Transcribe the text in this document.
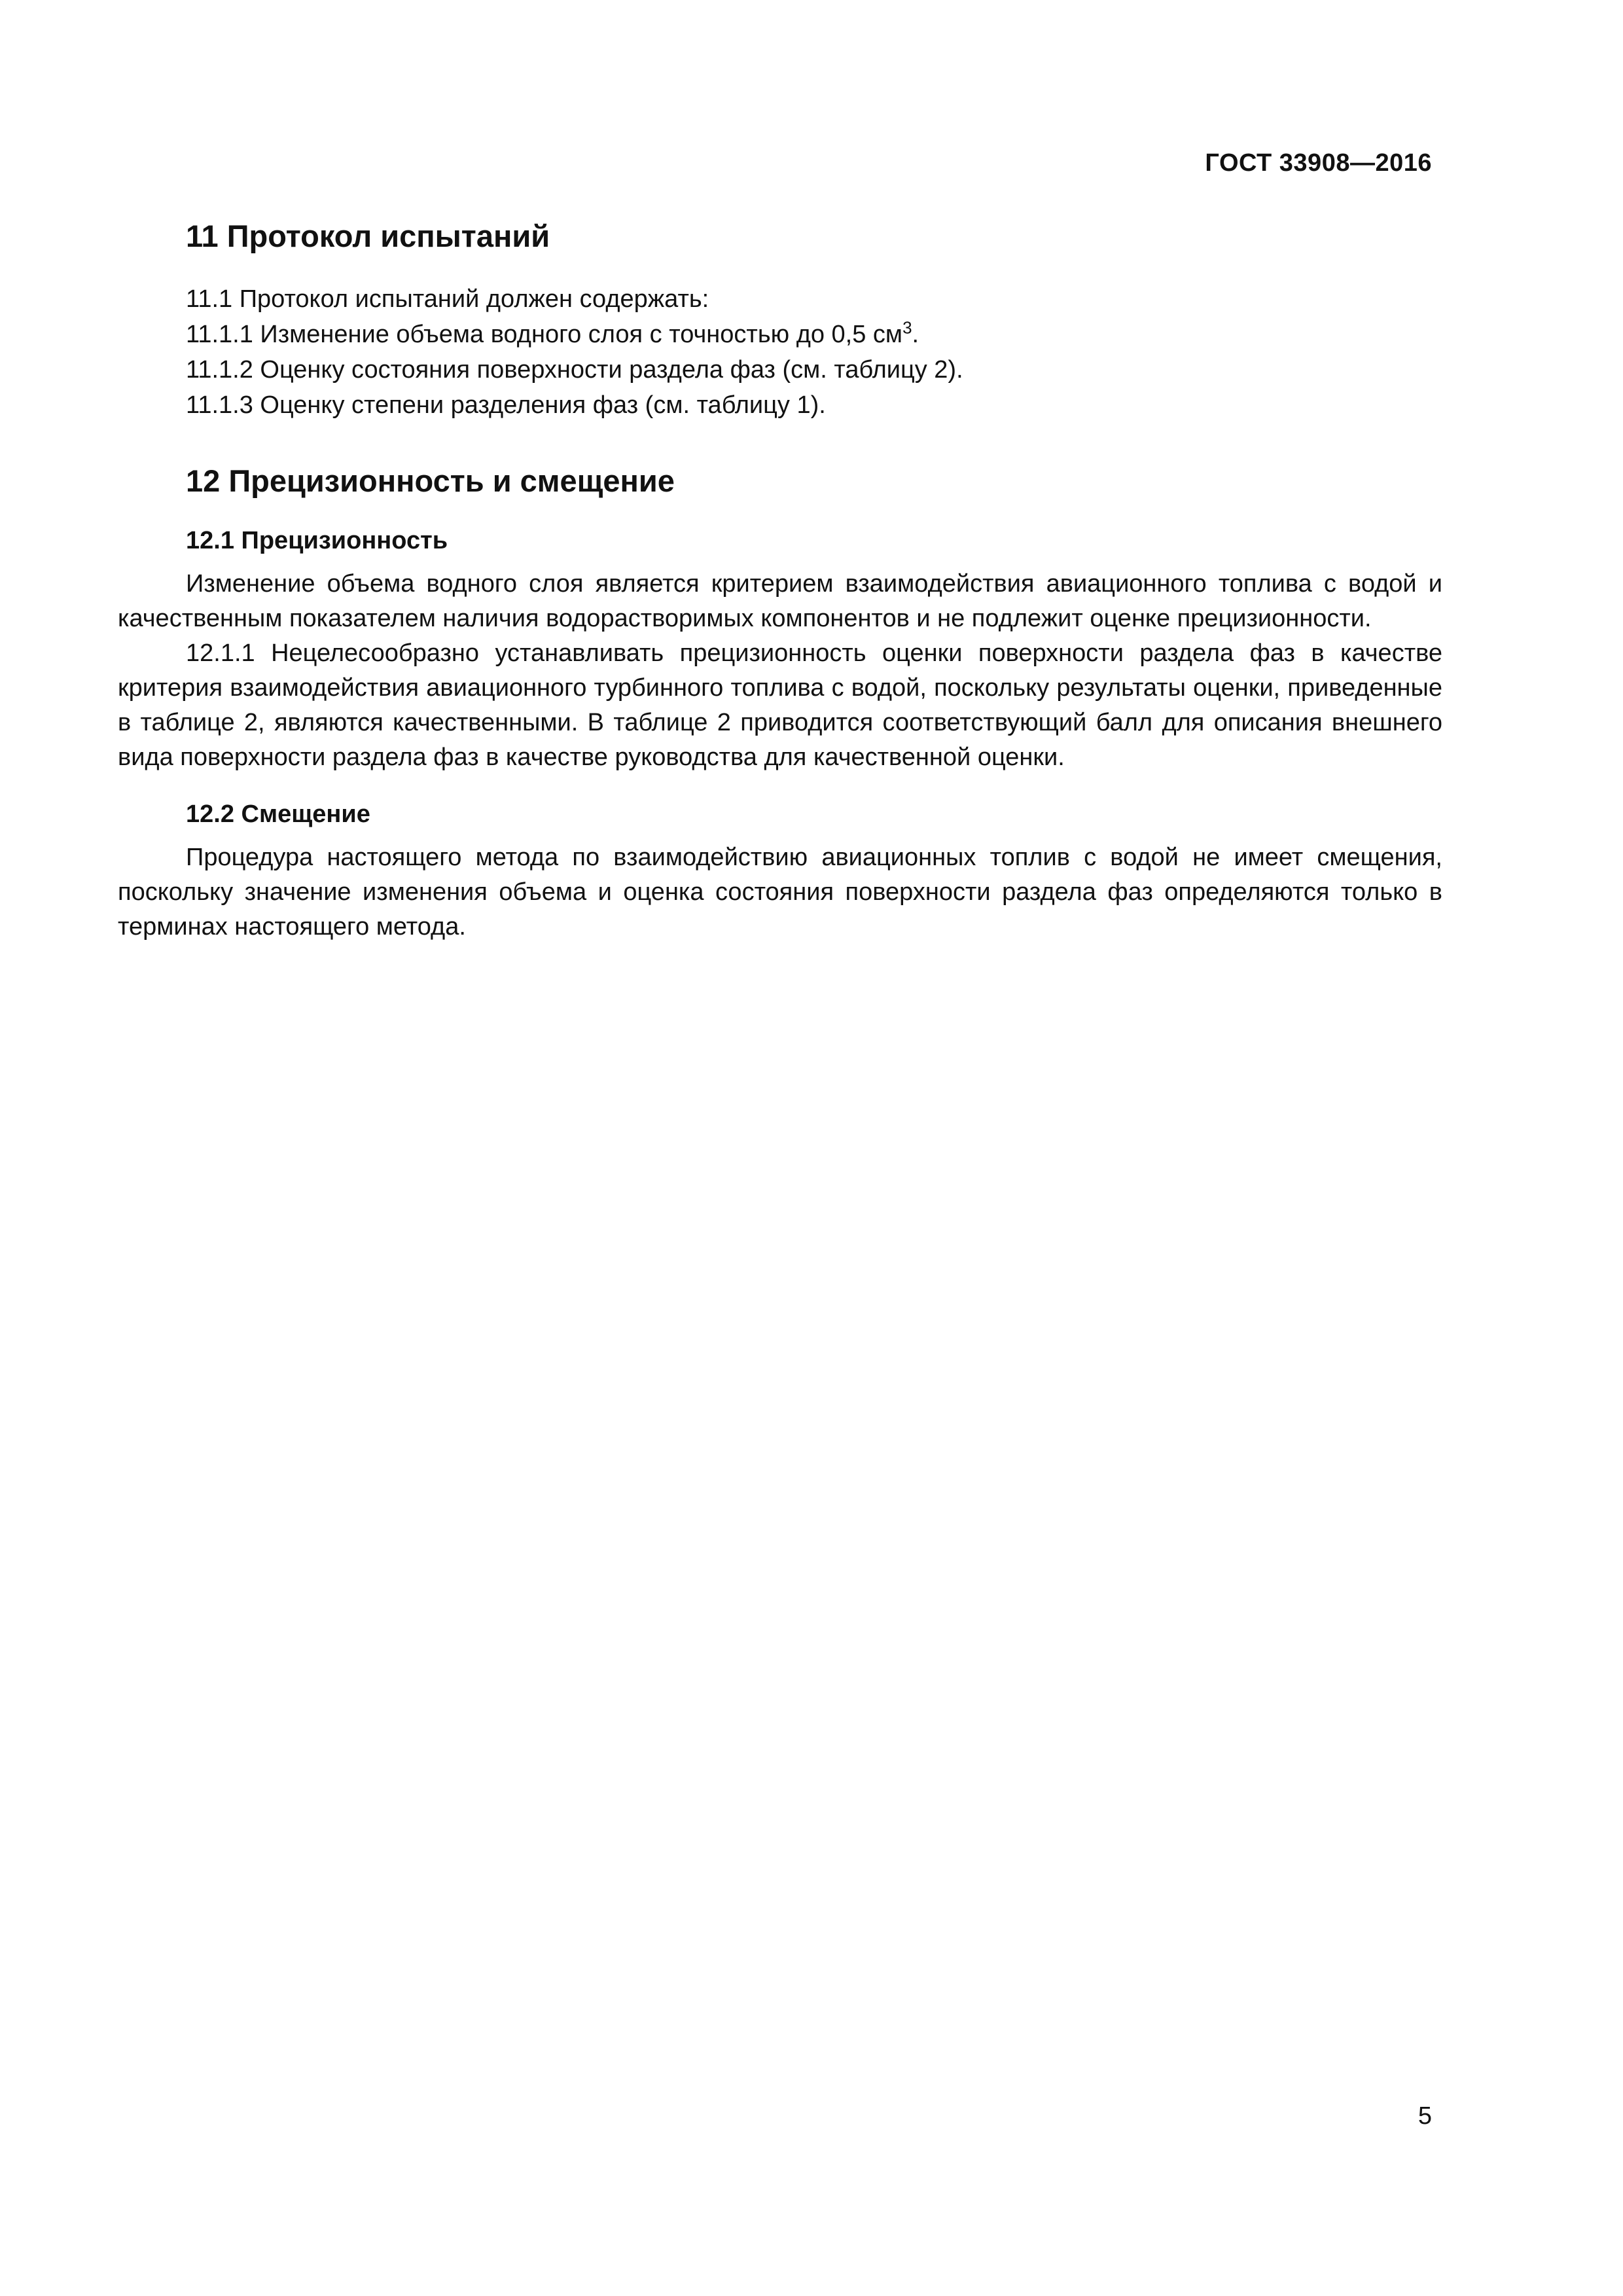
ГОСТ 33908—2016
11 Протокол испытаний
11.1 Протокол испытаний должен содержать:
11.1.1 Изменение объема водного слоя с точностью до 0,5 $см^3$.
11.1.2 Оценку состояния поверхности раздела фаз (см. таблицу 2).
11.1.3 Оценку степени разделения фаз (см. таблицу 1).
12 Прецизионность и смещение
12.1 Прецизионность

Изменение объема водного слоя является критерием взаимодействия авиационного топлива с водой и качественным показателем наличия водорастворимых компонентов и не подлежит оценке прецизионности.

12.1.1 Нецелесообразно устанавливать прецизионность оценки поверхности раздела фаз в качестве критерия взаимодействия авиационного турбинного топлива с водой, поскольку результаты оценки, приведенные в таблице 2, являются качественными. В таблице 2 приводится соответствующий балл для описания внешнего вида поверхности раздела фаз в качестве руководства для качественной оценки.

12.2 Смещение

Процедура настоящего метода по взаимодействию авиационных топлив с водой не имеет смещения, поскольку значение изменения объема и оценка состояния поверхности раздела фаз определяются только в терминах настоящего метода.

5
